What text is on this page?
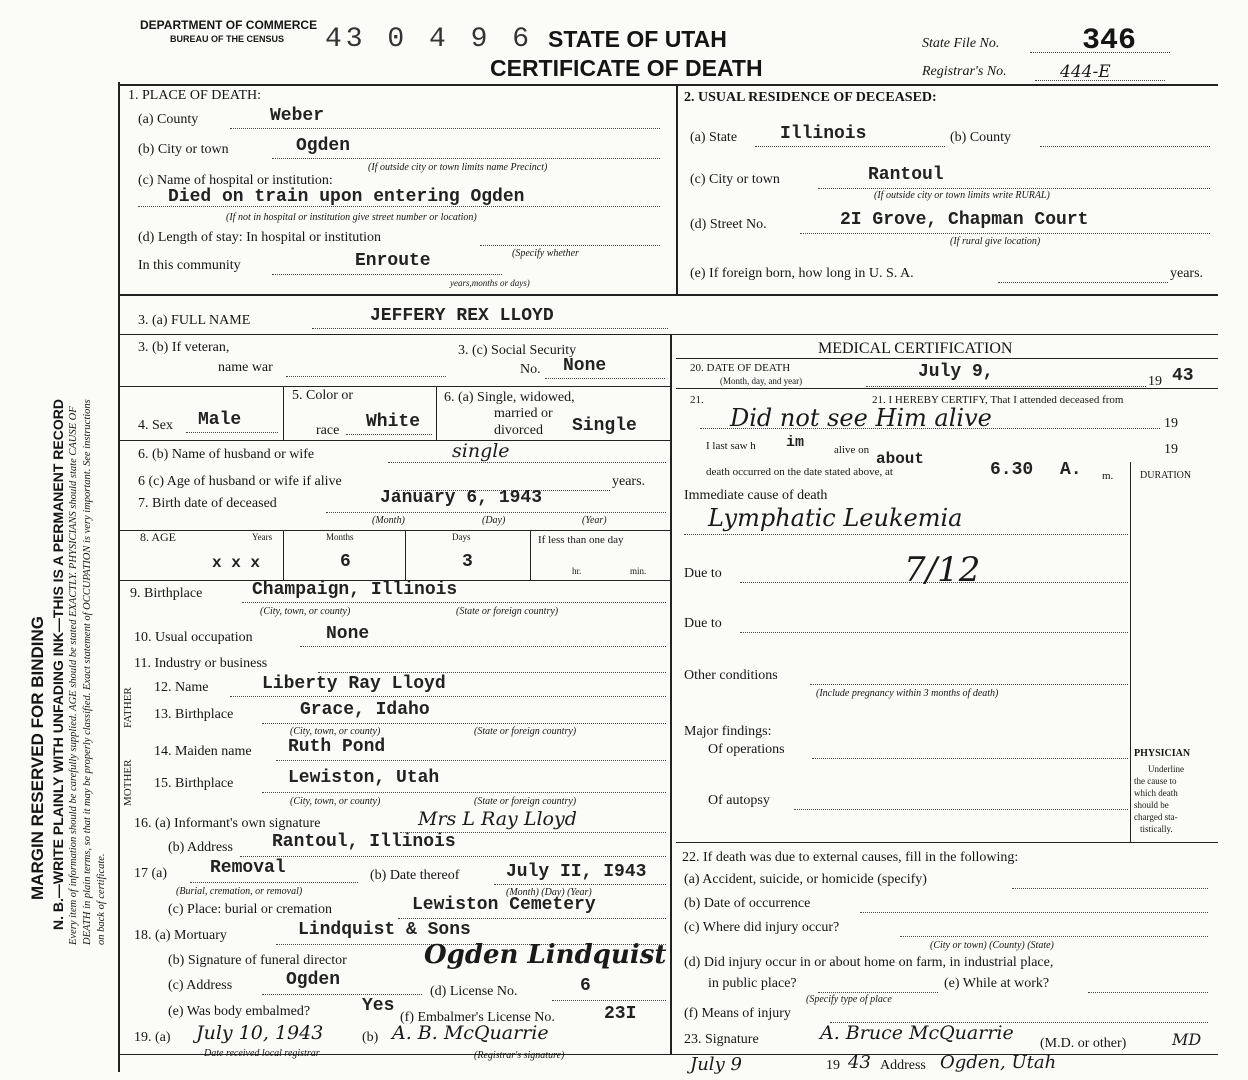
DEPARTMENT OF COMMERCE
BUREAU OF THE CENSUS 43 0 4 9 6 STATE OF UTAH
CERTIFICATE OF DEATH
State File No.	346
Registrar's No.	444-E
MARGIN RESERVED FOR BINDING N. B.—WRITE PLAINLY WITH UNFADING INK—THIS IS A PERMANENT RECORD Every item of information should be carefully supplied. AGE should be stated EXACTLY. PHYSICIANS should state CAUSE OF DEATH in plain terms, so that it may be properly classified. Exact statement of OCCUPATION is very important. See instructions on back of certificate.
1. PLACE OF DEATH:
(a) County	Weber
(b) City or town	Ogden
(If outside city or town limits name Precinct)
(c) Name of hospital or institution:
Died on train upon entering Ogden
(If not in hospital or institution give street number or location)
(d) Length of stay: In hospital or institution
In this community	Enroute	(Specify whether
years,months or days)
2. USUAL RESIDENCE OF DECEASED:
(a) State Illinois	(b) County
(c) City or town	Rantoul
(If outside city or town limits write RURAL)
(d) Street No.	2I Grove, Chapman Court
(If rural give location)
(e) If foreign born, how long in U. S. A.	years.
3. (a) FULL NAME	JEFFERY REX LLOYD
3. (b) If veteran,
name war
3. (c) Social Security
No. None
4. Sex Male
5. Color or
race White
6. (a) Single, widowed,
married or
divorced Single
6. (b) Name of husband or wife	single
6 (c) Age of husband or wife if alive	years.
7. Birth date of deceased	January 6, 1943
(Month)	(Day)	(Year)
8. AGE	Years	Months	Days	If less than one day
x x x	6	3	hr.	min.
9. Birthplace	Champaign, Illinois
(City, town, or county)	(State or foreign country)
10. Usual occupation	None
11. Industry or business
FATHER
MOTHER
12. Name	Liberty Ray Lloyd
13. Birthplace	Grace, Idaho
(City, town, or county)	(State or foreign country)
14. Maiden name Ruth Pond
15. Birthplace	Lewiston, Utah
(City, town, or county)	(State or foreign country)
16. (a) Informant's own signature	Mrs L Ray Lloyd
(b) Address Rantoul, Illinois
17 (a) Removal
(Burial, cremation, or removal)
(b) Date thereof	July II, I943
(Month) (Day) (Year)
(c) Place: burial or cremation	Lewiston Cemetery
18. (a) Mortuary	Lindquist & Sons
(b) Signature of funeral director	Ogden Lindquist
(c) Address	Ogden
(d) License No.	6
(e) Was body embalmed?	Yes
(f) Embalmer's License No.	23I
19. (a) July 10, 1943
Date received local registrar
(b) A. B. McQuarrie
(Registrar's signature)
MEDICAL CERTIFICATION
20. DATE OF DEATH
(Month, day, and year)	July 9,	19 43
21.	21. I HEREBY CERTIFY, That I attended deceased from
Did not see Him alive	19
I last saw h im	alive on	19
about
death occurred on the date stated above, at	6.30 A. m.	DURATION
Immediate cause of death
Lymphatic Leukemia
Due to	7/12
Due to
Other conditions
(Include pregnancy within 3 months of death)
Major findings:
Of operations
Of autopsy
PHYSICIAN
Underline
the cause to
which death
should be
charged sta-
tistically.
22. If death was due to external causes, fill in the following:
(a) Accident, suicide, or homicide (specify)
(b) Date of occurrence
(c) Where did injury occur?
(City or town) (County) (State)
(d) Did injury occur in or about home on farm, in industrial place,
in public place?
(Specify type of place
(e) While at work?
(f) Means of injury
23. Signature	A. Bruce McQuarrie (M.D. or other)	MD
July 9	19 43 Address Ogden, Utah
